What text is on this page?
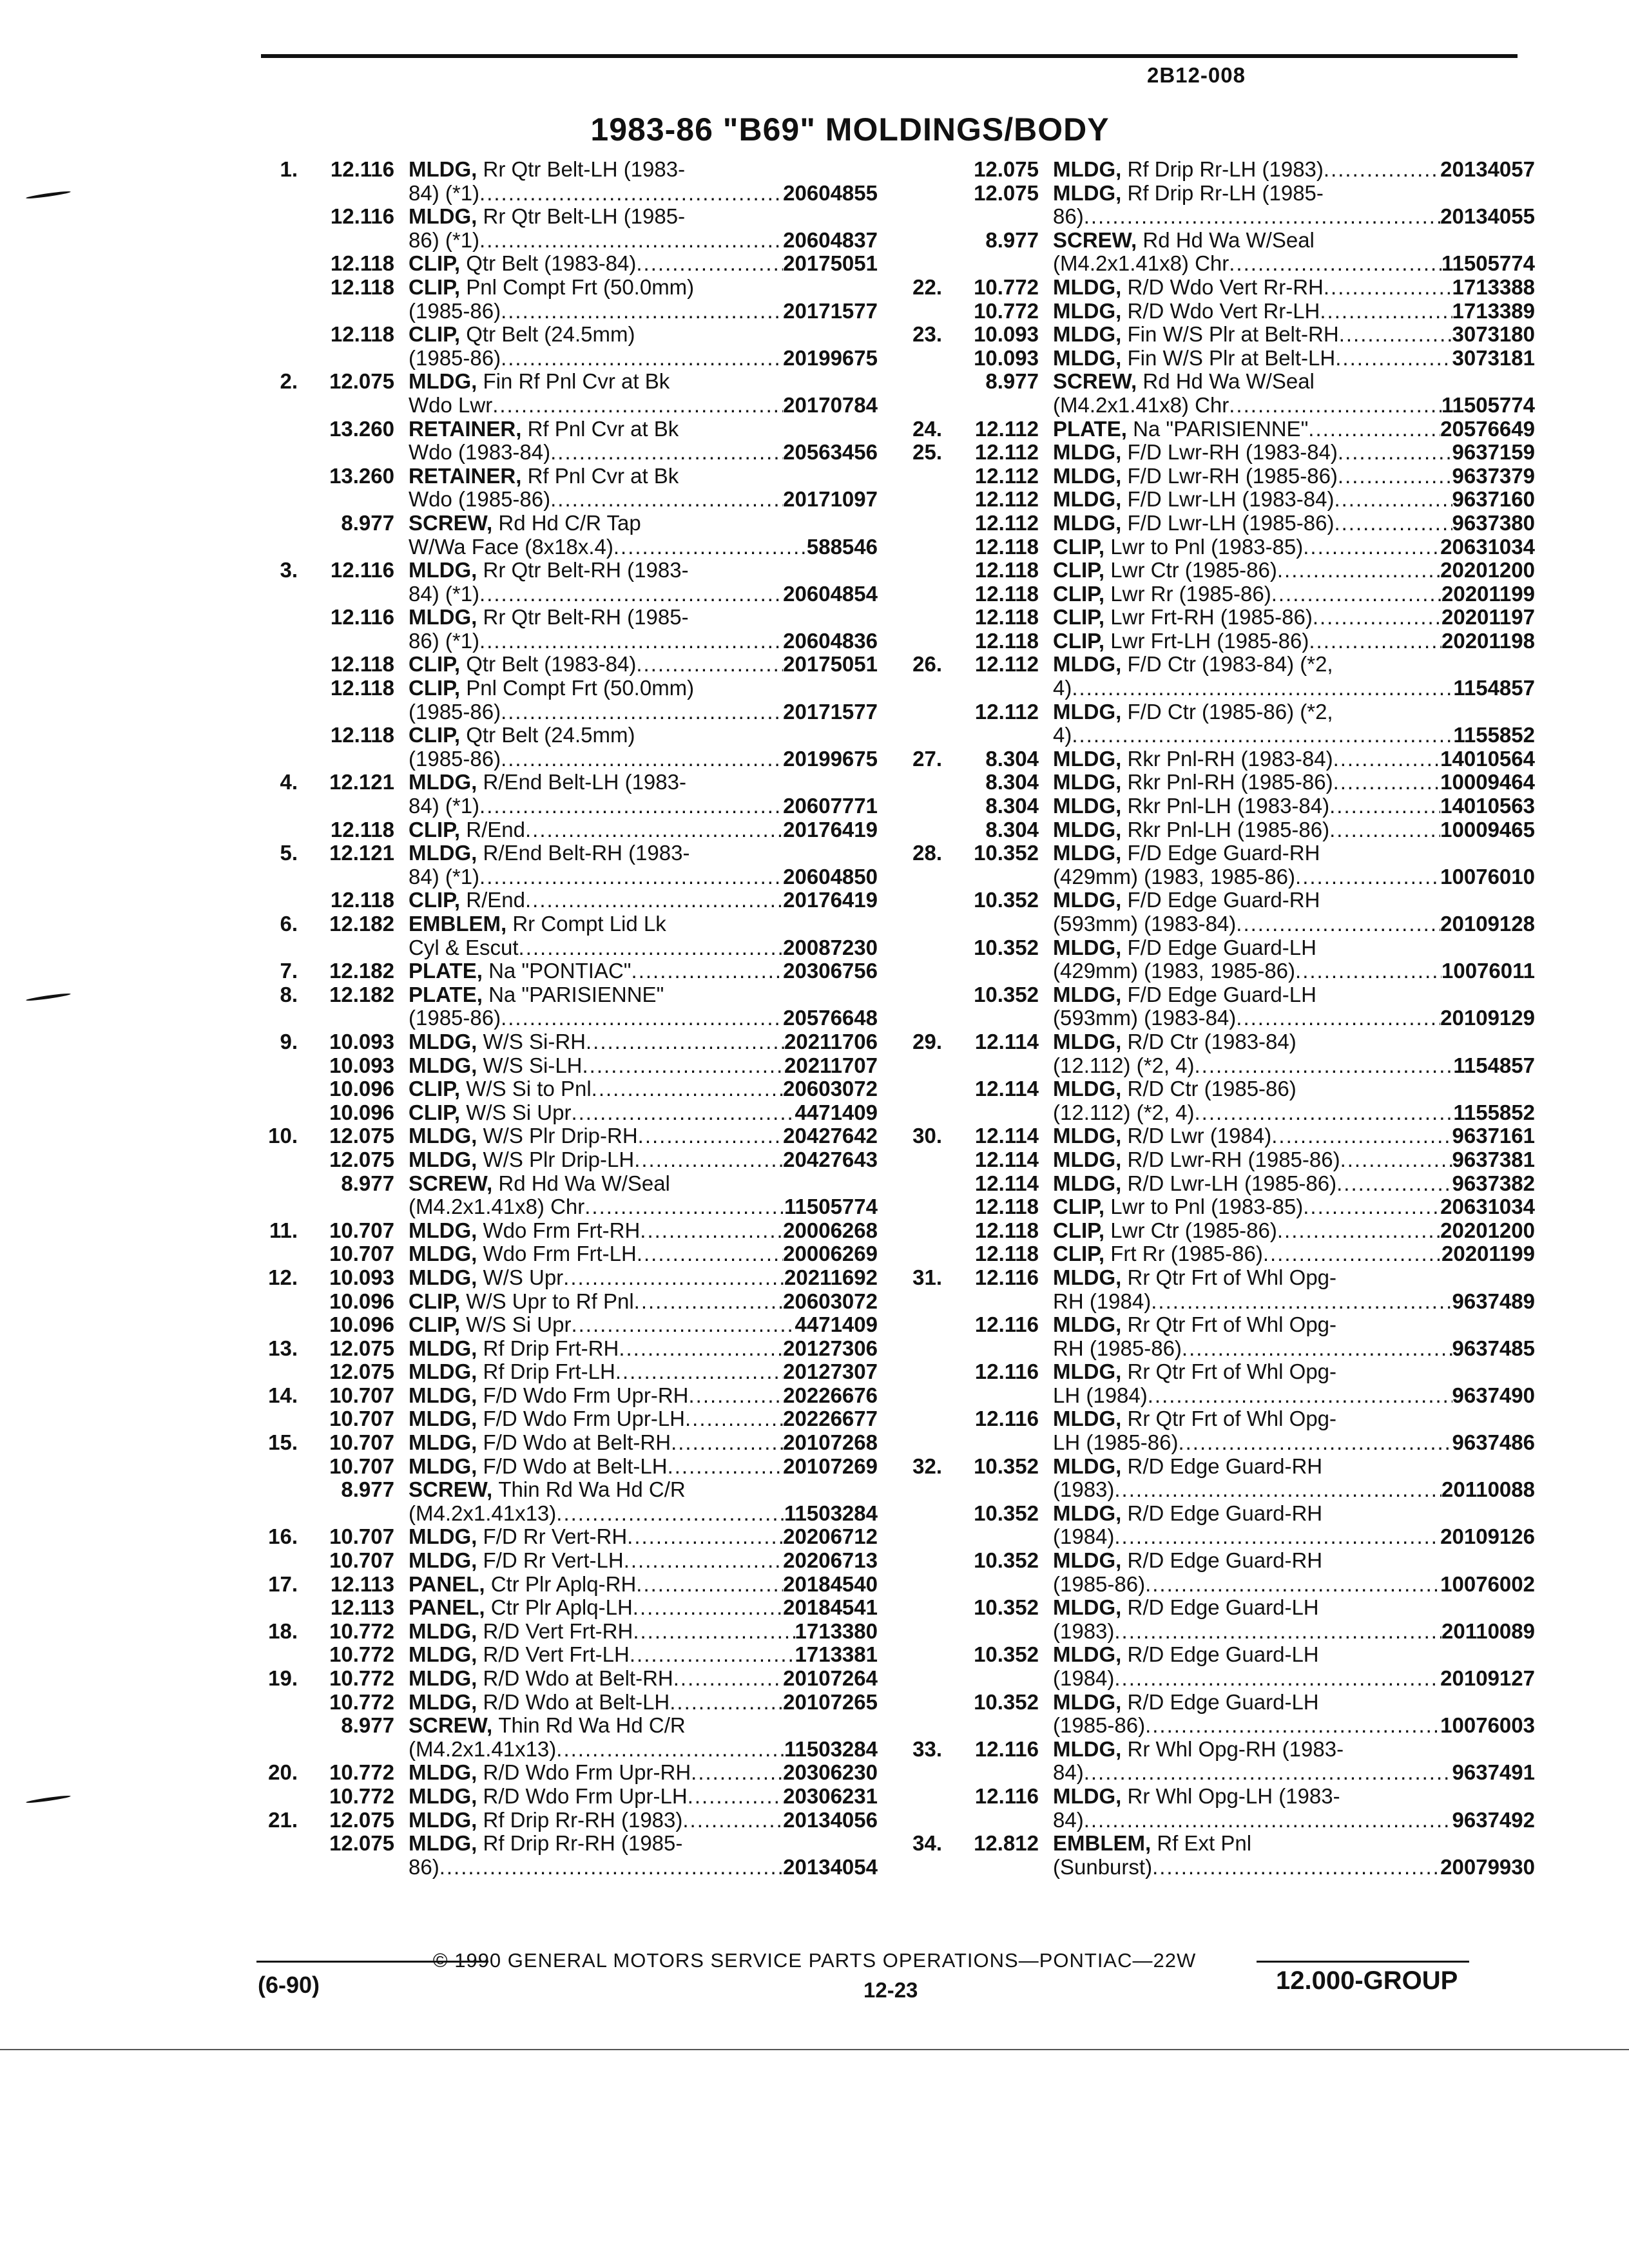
2B12-008
1983-86 "B69" MOLDINGS/BODY
1.	12.116 MLDG,
Rr Qtr Belt-LH (1983-
84) (*1) .....	20604855
12.116 MLDG,
Rr Qtr Belt-LH (1985-
86) (*1) .....	20604837
12.118 CLIP,
Qtr Belt (1983-84) .....	20175051
12.118 CLIP,
Pnl Compt Frt (50.0mm)
(1985-86) .....	20171577
12.118 CLIP,
Qtr Belt (24.5mm)
(1985-86) .....	20199675
2.	12.075 MLDG,
Fin Rf Pnl Cvr at Bk
Wdo Lwr .....	20170784
13.260 RETAINER,
Rf Pnl Cvr at Bk
Wdo (1983-84) .....	20563456
13.260 RETAINER,
Rf Pnl Cvr at Bk
Wdo (1985-86) .....	20171097
8.977 SCREW,
Rd Hd C/R Tap
W/Wa Face (8x18x.4) .....	588546
3.	12.116 MLDG,
Rr Qtr Belt-RH (1983-
84) (*1) .....	20604854
12.116 MLDG,
Rr Qtr Belt-RH (1985-
86) (*1) .....	20604836
12.118 CLIP,
Qtr Belt (1983-84) .....	20175051
12.118 CLIP,
Pnl Compt Frt (50.0mm)
(1985-86) .....	20171577
12.118 CLIP,
Qtr Belt (24.5mm)
(1985-86) .....	20199675
4.	12.121 MLDG,
R/End Belt-LH (1983-
84) (*1) .....	20607771
12.118 CLIP,
R/End .....	20176419
5.	12.121 MLDG,
R/End Belt-RH (1983-
84) (*1) .....	20604850
12.118 CLIP,
R/End .....	20176419
6.	12.182 EMBLEM,
Rr Compt Lid Lk
Cyl & Escut .....	20087230
7.	12.182 PLATE,
Na "PONTIAC" .....	20306756
8.	12.182 PLATE,
Na "PARISIENNE"
(1985-86) .....	20576648
9.	10.093 MLDG,
W/S Si-RH .....	20211706
10.093 MLDG,
W/S Si-LH .....	20211707
10.096 CLIP,
W/S Si to Pnl .....	20603072
10.096 CLIP,
W/S Si Upr .....	4471409
10.	12.075 MLDG,
W/S Plr Drip-RH .....	20427642
12.075 MLDG,
W/S Plr Drip-LH .....	20427643
8.977 SCREW,
Rd Hd Wa W/Seal
(M4.2x1.41x8) Chr .....	11505774
11.	10.707 MLDG,
Wdo Frm Frt-RH .....	20006268
10.707 MLDG,
Wdo Frm Frt-LH .....	20006269
12.	10.093 MLDG,
W/S Upr .....	20211692
10.096 CLIP,
W/S Upr to Rf Pnl .....	20603072
10.096 CLIP,
W/S Si Upr .....	4471409
13.	12.075 MLDG,
Rf Drip Frt-RH .....	20127306
12.075 MLDG,
Rf Drip Frt-LH .....	20127307
14.	10.707 MLDG,
F/D Wdo Frm Upr-RH .....	20226676
10.707 MLDG,
F/D Wdo Frm Upr-LH .....	20226677
15.	10.707 MLDG,
F/D Wdo at Belt-RH .....	20107268
10.707 MLDG,
F/D Wdo at Belt-LH .....	20107269
8.977 SCREW,
Thin Rd Wa Hd C/R
(M4.2x1.41x13) .....	11503284
16.	10.707 MLDG,
F/D Rr Vert-RH .....	20206712
10.707 MLDG,
F/D Rr Vert-LH .....	20206713
17.	12.113 PANEL,
Ctr Plr Aplq-RH .....	20184540
12.113 PANEL,
Ctr Plr Aplq-LH .....	20184541
18.	10.772 MLDG,
R/D Vert Frt-RH .....	1713380
10.772 MLDG,
R/D Vert Frt-LH .....	1713381
19.	10.772 MLDG,
R/D Wdo at Belt-RH .....	20107264
10.772 MLDG,
R/D Wdo at Belt-LH .....	20107265
8.977 SCREW,
Thin Rd Wa Hd C/R
(M4.2x1.41x13) .....	11503284
20.	10.772 MLDG,
R/D Wdo Frm Upr-RH .....	20306230
10.772 MLDG,
R/D Wdo Frm Upr-LH .....	20306231
21.	12.075 MLDG,
Rf Drip Rr-RH (1983) .....	20134056
12.075 MLDG,
Rf Drip Rr-RH (1985-
86) .....	20134054
12.075 MLDG,
Rf Drip Rr-LH (1983) .....	20134057
12.075 MLDG,
Rf Drip Rr-LH (1985-
86) .....	20134055
8.977 SCREW,
Rd Hd Wa W/Seal
(M4.2x1.41x8) Chr .....	11505774
22.	10.772 MLDG,
R/D Wdo Vert Rr-RH .....	1713388
10.772 MLDG,
R/D Wdo Vert Rr-LH .....	1713389
23.	10.093 MLDG,
Fin W/S Plr at Belt-RH .....	3073180
10.093 MLDG,
Fin W/S Plr at Belt-LH .....	3073181
8.977 SCREW,
Rd Hd Wa W/Seal
(M4.2x1.41x8) Chr .....	11505774
24.	12.112 PLATE,
Na "PARISIENNE" .....	20576649
25.	12.112 MLDG,
F/D Lwr-RH (1983-84) .....	9637159
12.112 MLDG,
F/D Lwr-RH (1985-86) .....	9637379
12.112 MLDG,
F/D Lwr-LH (1983-84) .....	9637160
12.112 MLDG,
F/D Lwr-LH (1985-86) .....	9637380
12.118 CLIP,
Lwr to Pnl (1983-85) .....	20631034
12.118 CLIP,
Lwr Ctr (1985-86) .....	20201200
12.118 CLIP,
Lwr Rr (1985-86) .....	20201199
12.118 CLIP,
Lwr Frt-RH (1985-86) .....	20201197
12.118 CLIP,
Lwr Frt-LH (1985-86) .....	20201198
26.	12.112 MLDG,
F/D Ctr (1983-84) (*2,
4) .....	1154857
12.112 MLDG,
F/D Ctr (1985-86) (*2,
4) .....	1155852
27.	8.304 MLDG,
Rkr Pnl-RH (1983-84) .....	14010564
8.304 MLDG,
Rkr Pnl-RH (1985-86) .....	10009464
8.304 MLDG,
Rkr Pnl-LH (1983-84) .....	14010563
8.304 MLDG,
Rkr Pnl-LH (1985-86) .....	10009465
28.	10.352 MLDG,
F/D Edge Guard-RH
(429mm) (1983, 1985-86) .....	10076010
10.352 MLDG,
F/D Edge Guard-RH
(593mm) (1983-84) .....	20109128
10.352 MLDG,
F/D Edge Guard-LH
(429mm) (1983, 1985-86) .....	10076011
10.352 MLDG,
F/D Edge Guard-LH
(593mm) (1983-84) .....	20109129
29.	12.114 MLDG,
R/D Ctr (1983-84)
(12.112) (*2, 4) .....	1154857
12.114 MLDG,
R/D Ctr (1985-86)
(12.112) (*2, 4) .....	1155852
30.	12.114 MLDG,
R/D Lwr (1984) .....	9637161
12.114 MLDG,
R/D Lwr-RH (1985-86) .....	9637381
12.114 MLDG,
R/D Lwr-LH (1985-86) .....	9637382
12.118 CLIP,
Lwr to Pnl (1983-85) .....	20631034
12.118 CLIP,
Lwr Ctr (1985-86) .....	20201200
12.118 CLIP,
Frt Rr (1985-86) .....	20201199
31.	12.116 MLDG,
Rr Qtr Frt of Whl Opg-
RH (1984) .....	9637489
12.116 MLDG,
Rr Qtr Frt of Whl Opg-
RH (1985-86) .....	9637485
12.116 MLDG,
Rr Qtr Frt of Whl Opg-
LH (1984) .....	9637490
12.116 MLDG,
Rr Qtr Frt of Whl Opg-
LH (1985-86) .....	9637486
32.	10.352 MLDG,
R/D Edge Guard-RH
(1983) .....	20110088
10.352 MLDG,
R/D Edge Guard-RH
(1984) .....	20109126
10.352 MLDG,
R/D Edge Guard-RH
(1985-86) .....	10076002
10.352 MLDG,
R/D Edge Guard-LH
(1983) .....	20110089
10.352 MLDG,
R/D Edge Guard-LH
(1984) .....	20109127
10.352 MLDG,
R/D Edge Guard-LH
(1985-86) .....	10076003
33.	12.116 MLDG,
Rr Whl Opg-RH (1983-
84) .....	9637491
12.116 MLDG,
Rr Whl Opg-LH (1983-
84) .....	9637492
34.	12.812 EMBLEM,
Rf Ext Pnl
(Sunburst) .....	20079930
© 1990 GENERAL MOTORS SERVICE PARTS OPERATIONS—PONTIAC—22W
(6-90)	12-23	12.000-GROUP
